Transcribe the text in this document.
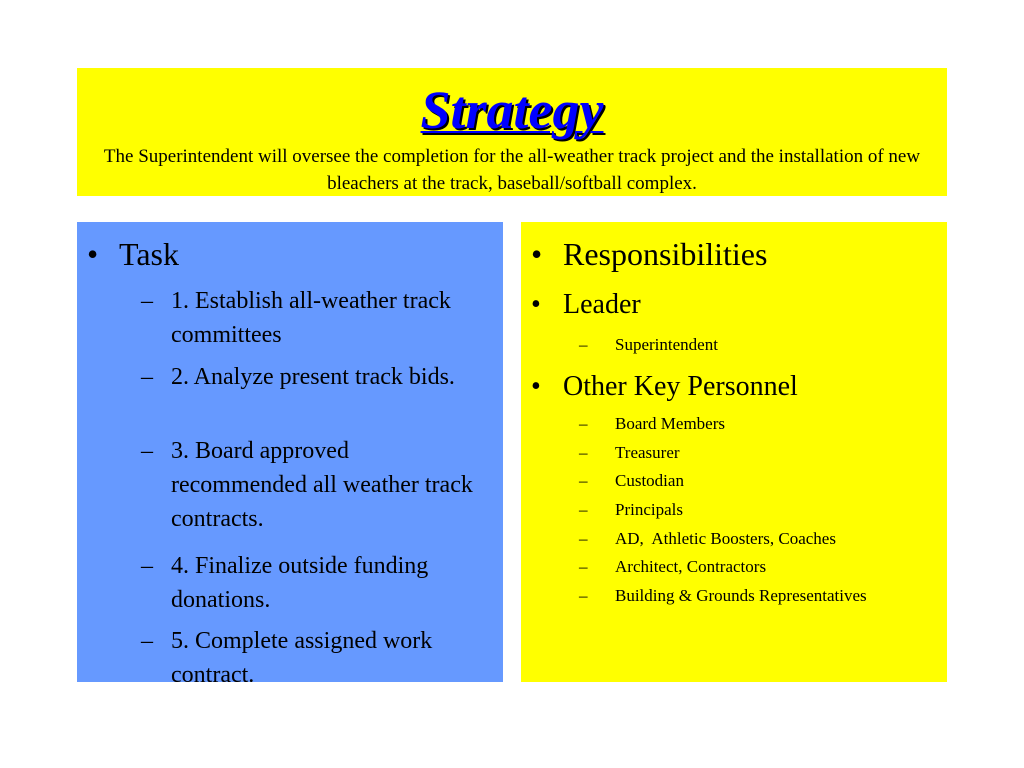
Strategy
The Superintendent will oversee the completion for the all-weather track project and the installation of new bleachers at the track, baseball/softball complex.
• Task
– 1. Establish all-weather track committees
– 2. Analyze present track bids.
– 3. Board approved recommended all weather track contracts.
– 4. Finalize outside funding donations.
– 5. Complete assigned work contract.
• Responsibilities
• Leader
– Superintendent
• Other Key Personnel
– Board Members
– Treasurer
– Custodian
– Principals
– AD,  Athletic Boosters, Coaches
– Architect, Contractors
– Building & Grounds Representatives
